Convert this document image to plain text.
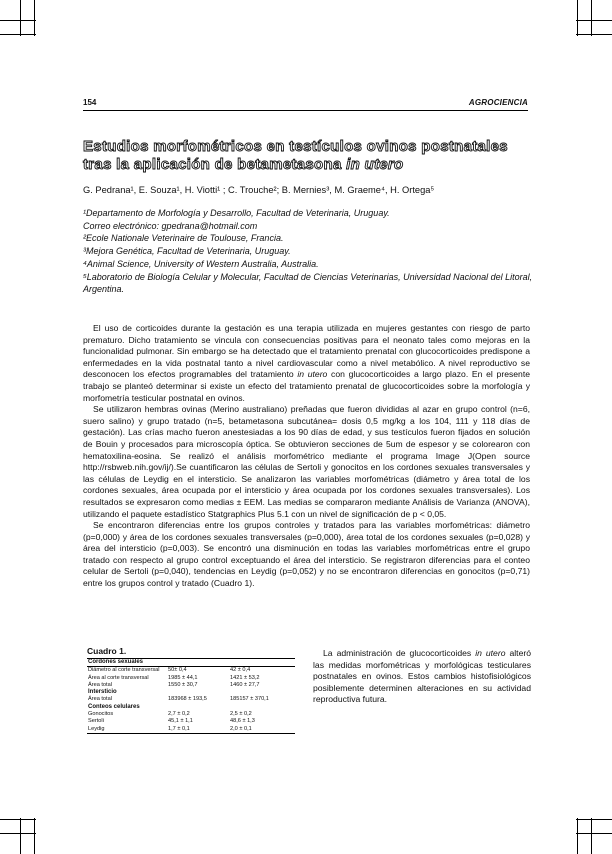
154	AGROCIENCIA
Estudios morfométricos en testículos ovinos postnatales tras la aplicación de betametasona in utero
G. Pedrana¹, E. Souza¹, H. Viotti¹ ; C. Trouche²; B. Mernies³, M. Graeme⁴, H. Ortega⁵
¹Departamento de Morfología y Desarrollo, Facultad de Veterinaria, Uruguay.
Correo electrónico: gpedrana@hotmail.com
²Ecole Nationale Veterinaire de Toulouse, Francia.
³Mejora Genética, Facultad de Veterinaria, Uruguay.
⁴Animal Science, University of Western Australia, Australia.
⁵Laboratorio de Biología Celular y Molecular, Facultad de Ciencias Veterinarias, Universidad Nacional del Litoral, Argentina.

El uso de corticoides durante la gestación es una terapia utilizada en mujeres gestantes con riesgo de parto prematuro. Dicho tratamiento se vincula con consecuencias positivas para el neonato tales como mejoras en la funcionalidad pulmonar. Sin embargo se ha detectado que el tratamiento prenatal con glucocorticoides predispone a enfermedades en la vida postnatal tanto a nivel cardiovascular como a nivel metabólico. A nivel reproductivo se desconocen los efectos programables del tratamiento in utero con glucocorticoides a largo plazo. En el presente trabajo se planteó determinar si existe un efecto del tratamiento prenatal de glucocorticoides sobre la morfología y morfometría testicular postnatal en ovinos.

Se utilizaron hembras ovinas (Merino australiano) preñadas que fueron divididas al azar en grupo control (n=6, suero salino) y grupo tratado (n=5, betametasona subcutánea= dosis 0,5 mg/kg a los 104, 111 y 118 días de gestación). Las crías macho fueron anestesiadas a los 90 días de edad, y sus testículos fueron fijados en solución de Bouin y procesados para microscopía óptica. Se obtuvieron secciones de 5um de espesor y se colorearon con hematoxilina-eosina. Se realizó el análisis morfométrico mediante el programa Image J(Open source http://rsbweb.nih.gov/ij/).Se cuantificaron las células de Sertoli y gonocitos en los cordones sexuales transversales y las células de Leydig en el intersticio. Se analizaron las variables morfométricas (diámetro y área total de los cordones sexuales, área ocupada por el intersticio y área ocupada por los cordones sexuales transversales). Los resultados se expresaron como medias ± EEM. Las medias se compararon mediante Análisis de Varianza (ANOVA), utilizando el paquete estadístico Statgraphics Plus 5.1 con un nivel de significación de p < 0,05.

Se encontraron diferencias entre los grupos controles y tratados para las variables morfométricas: diámetro (p=0,000) y área de los cordones sexuales transversales (p=0,000), área total de los cordones sexuales (p=0,028) y área del intersticio (p=0,003). Se encontró una disminución en todas las variables morfométricas entre el grupo tratado con respecto al grupo control exceptuando el área del intersticio. Se registraron diferencias para el conteo celular de Sertoli (p=0,040), tendencias en Leydig (p=0,052) y no se encontraron diferencias en gonocitos (p=0,71) entre los grupos control y tratado (Cuadro 1).

Cuadro 1.
Cordones sexuales		
Diámetro al corte transversal	50± 0,4	42 ± 0,4
Área al corte transversal	1985 ± 44,1	1421 ± 53,2
Área total	1550 ± 30,7	1460 ± 27,7
Intersticio		
Área total	183968 ± 193,5	185157 ± 370,1
Conteos celulares		
Gonocitos	2,7 ± 0,2	2,5 ± 0,2
Sertoli	45,1 ± 1,1	48,6 ± 1,3
Leydig	1,7 ± 0,1	2,0 ± 0,1

La administración de glucocorticoides in utero alteró las medidas morfométricas y morfológicas testiculares postnatales en ovinos. Estos cambios histofisiológicos posiblemente determinen alteraciones en su actividad reproductiva futura.
